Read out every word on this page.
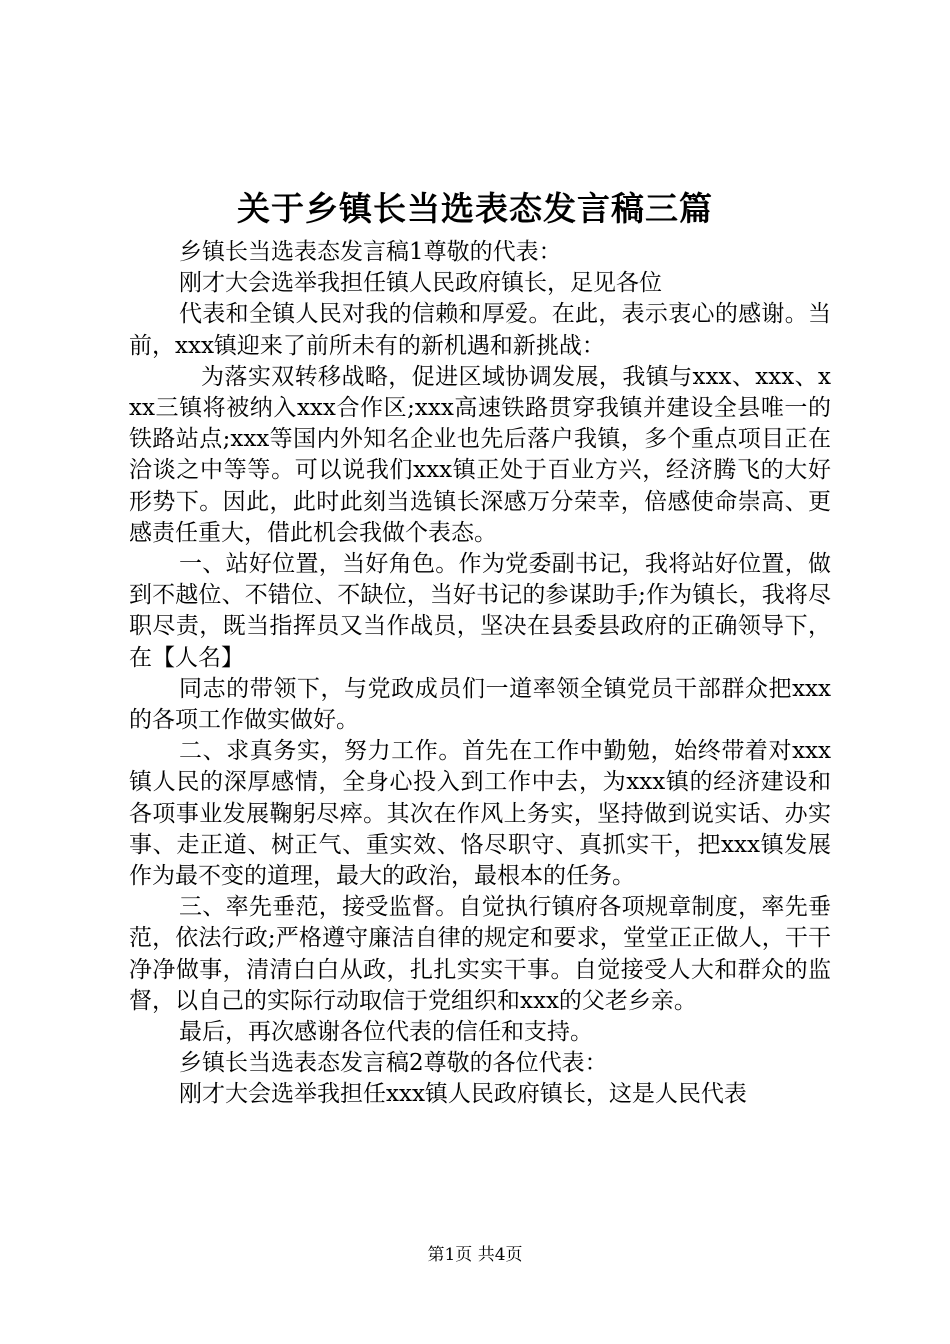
关于乡镇长当选表态发言稿三篇

乡镇长当选表态发言稿1尊敬的代表：

刚才大会选举我担任镇人民政府镇长，足见各位

代表和全镇人民对我的信赖和厚爱。在此，表示衷心的感谢。当前，xxx镇迎来了前所未有的新机遇和新挑战：

为落实双转移战略，促进区域协调发展，我镇与xxx、xxx、xxx三镇将被纳入xxx合作区;xxx高速铁路贯穿我镇并建设全县唯一的铁路站点;xxx等国内外知名企业也先后落户我镇，多个重点项目正在洽谈之中等等。可以说我们xxx镇正处于百业方兴，经济腾飞的大好形势下。因此，此时此刻当选镇长深感万分荣幸，倍感使命崇高、更感责任重大，借此机会我做个表态。

一、站好位置，当好角色。作为党委副书记，我将站好位置，做到不越位、不错位、不缺位，当好书记的参谋助手;作为镇长，我将尽职尽责，既当指挥员又当作战员，坚决在县委县政府的正确领导下，在【人名】

同志的带领下，与党政成员们一道率领全镇党员干部群众把xxx的各项工作做实做好。

二、求真务实，努力工作。首先在工作中勤勉，始终带着对xxx镇人民的深厚感情，全身心投入到工作中去，为xxx镇的经济建设和各项事业发展鞠躬尽瘁。其次在作风上务实，坚持做到说实话、办实事、走正道、树正气、重实效、恪尽职守、真抓实干，把xxx镇发展作为最不变的道理，最大的政治，最根本的任务。

三、率先垂范，接受监督。自觉执行镇府各项规章制度，率先垂范，依法行政;严格遵守廉洁自律的规定和要求，堂堂正正做人，干干净净做事，清清白白从政，扎扎实实干事。自觉接受人大和群众的监督，以自己的实际行动取信于党组织和xxx的父老乡亲。

最后，再次感谢各位代表的信任和支持。

乡镇长当选表态发言稿2尊敬的各位代表：

刚才大会选举我担任xxx镇人民政府镇长，这是人民代表

第1页 共4页
